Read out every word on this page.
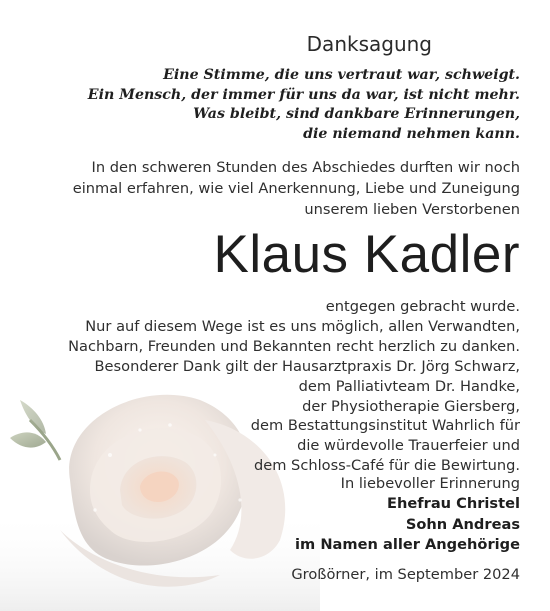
Danksagung
Eine Stimme, die uns vertraut war, schweigt.
Ein Mensch, der immer für uns da war, ist nicht mehr.
Was bleibt, sind dankbare Erinnerungen,
die niemand nehmen kann.
In den schweren Stunden des Abschiedes durften wir noch
einmal erfahren, wie viel Anerkennung, Liebe und Zuneigung
unserem lieben Verstorbenen
Klaus Kadler
entgegen gebracht wurde.
Nur auf diesem Wege ist es uns möglich, allen Verwandten,
Nachbarn, Freunden und Bekannten recht herzlich zu danken.
Besonderer Dank gilt der Hausarztpraxis Dr. Jörg Schwarz,
dem Palliativteam Dr. Handke,
der Physiotherapie Giersberg,
dem Bestattungsinstitut Wahrlich für
die würdevolle Trauerfeier und
dem Schloss-Café für die Bewirtung.
In liebevoller Erinnerung
Ehefrau Christel
Sohn Andreas
im Namen aller Angehörige
Großörner, im September 2024
